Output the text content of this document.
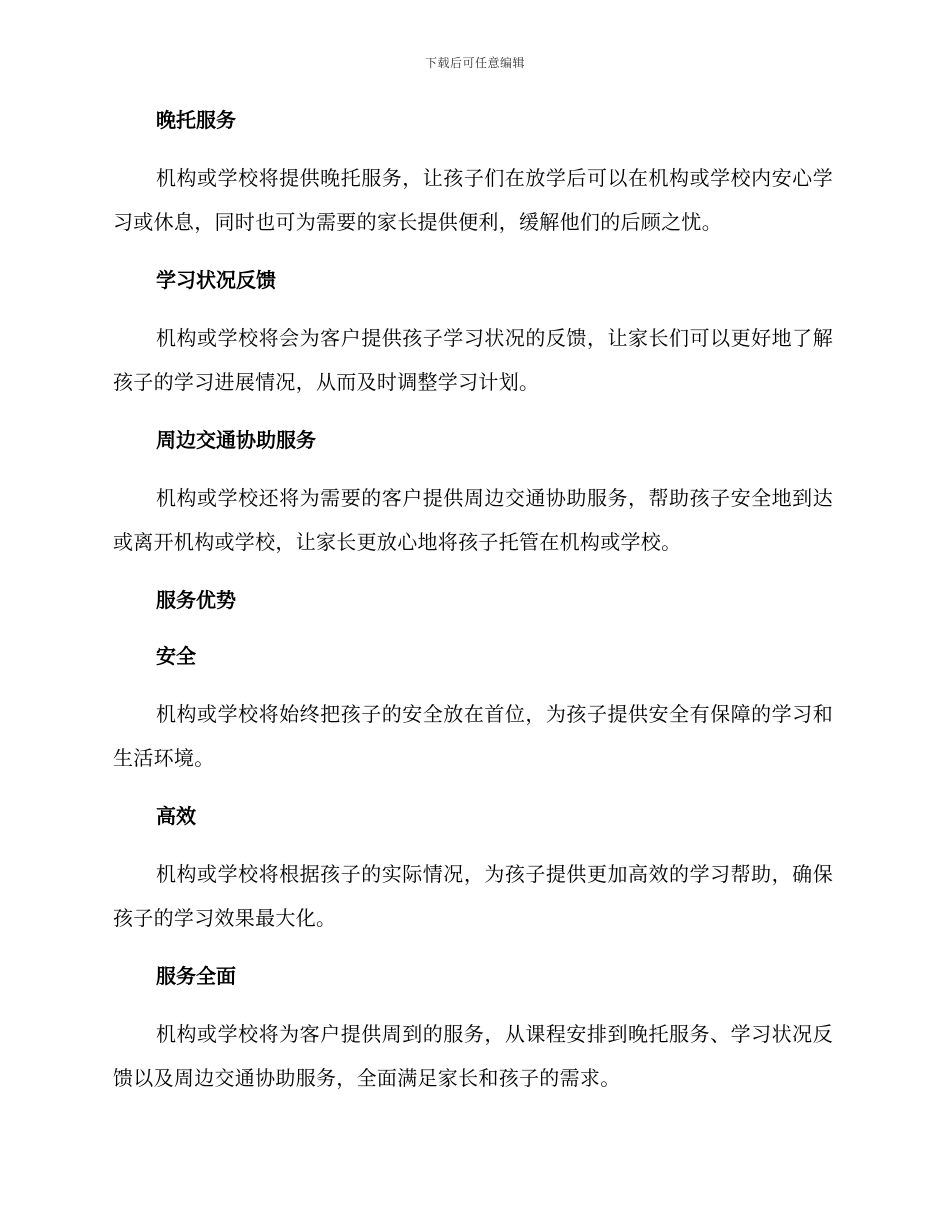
下载后可任意编辑
晚托服务

机构或学校将提供晚托服务，让孩子们在放学后可以在机构或学校内安心学习或休息，同时也可为需要的家长提供便利，缓解他们的后顾之忧。

学习状况反馈

机构或学校将会为客户提供孩子学习状况的反馈，让家长们可以更好地了解孩子的学习进展情况，从而及时调整学习计划。

周边交通协助服务

机构或学校还将为需要的客户提供周边交通协助服务，帮助孩子安全地到达或离开机构或学校，让家长更放心地将孩子托管在机构或学校。

服务优势
安全

机构或学校将始终把孩子的安全放在首位，为孩子提供安全有保障的学习和生活环境。

高效

机构或学校将根据孩子的实际情况，为孩子提供更加高效的学习帮助，确保孩子的学习效果最大化。

服务全面

机构或学校将为客户提供周到的服务，从课程安排到晚托服务、学习状况反馈以及周边交通协助服务，全面满足家长和孩子的需求。
